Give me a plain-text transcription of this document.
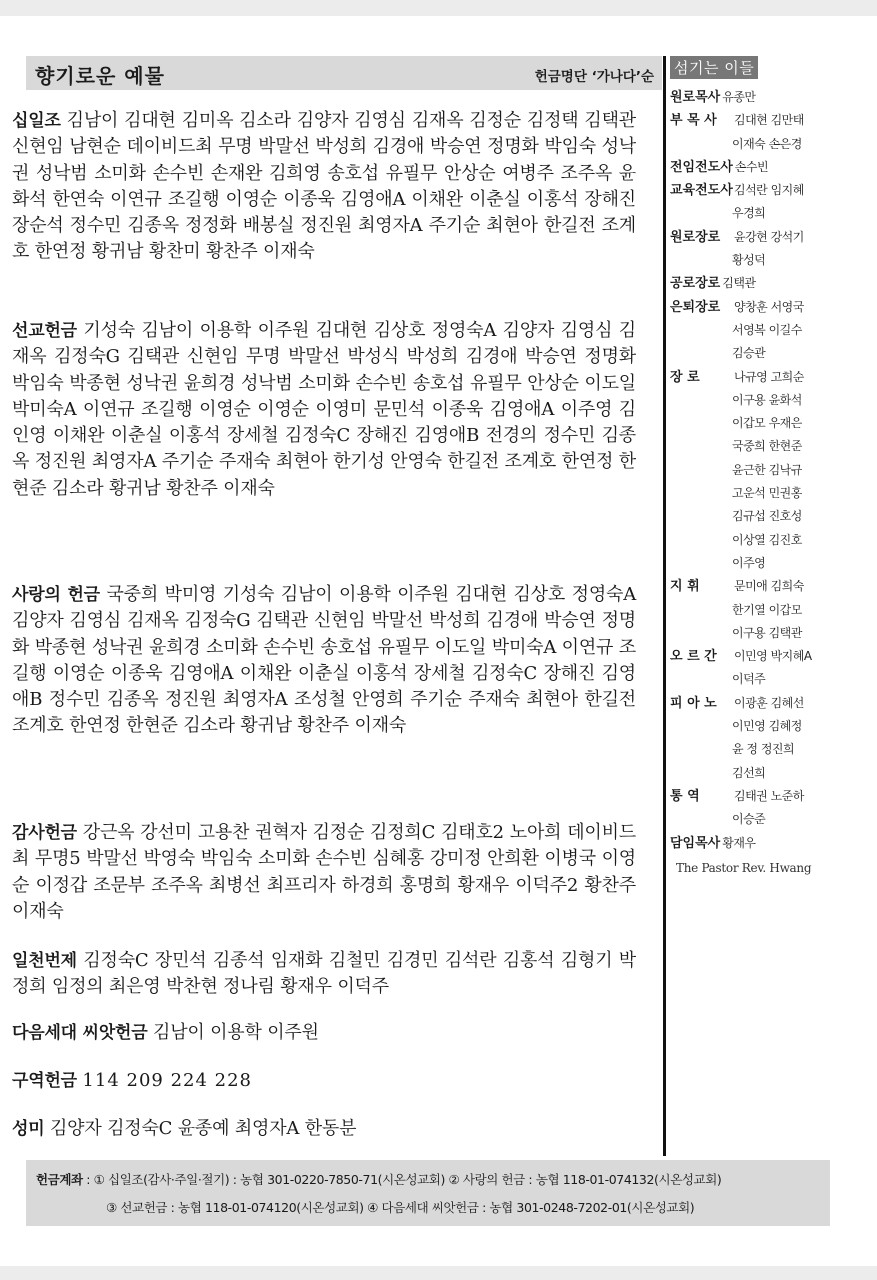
향기로운 예물	헌금명단 ‘가나다’순

십일조 김남이 김대현 김미옥 김소라 김양자 김영심 김재옥 김정순 김정택 김택관 신현임 남현순 데이비드최 무명 박말선 박성희 김경애 박승연 정명화 박임숙 성낙권 성낙범 소미화 손수빈 손재완 김희영 송호섭 유필무 안상순 여병주 조주옥 윤화석 한연숙 이연규 조길행 이영순 이종욱 김영애A 이채완 이춘실 이홍석 장해진 장순석 정수민 김종옥 정정화 배봉실 정진원 최영자A 주기순 최현아 한길전 조계호 한연정 황귀남 황찬미 황찬주 이재숙

선교헌금 기성숙 김남이 이용학 이주원 김대현 김상호 정영숙A 김양자 김영심 김재옥 김정숙G 김택관 신현임 무명 박말선 박성식 박성희 김경애 박승연 정명화 박임숙 박종현 성낙권 윤희경 성낙범 소미화 손수빈 송호섭 유필무 안상순 이도일 박미숙A 이연규 조길행 이영순 이영순 이영미 문민석 이종욱 김영애A 이주영 김인영 이채완 이춘실 이홍석 장세철 김정숙C 장해진 김영애B 전경의 정수민 김종옥 정진원 최영자A 주기순 주재숙 최현아 한기성 안영숙 한길전 조계호 한연정 한현준 김소라 황귀남 황찬주 이재숙

사랑의 헌금 국중희 박미영 기성숙 김남이 이용학 이주원 김대현 김상호 정영숙A 김양자 김영심 김재옥 김정숙G 김택관 신현임 박말선 박성희 김경애 박승연 정명화 박종현 성낙권 윤희경 소미화 손수빈 송호섭 유필무 이도일 박미숙A 이연규 조길행 이영순 이종욱 김영애A 이채완 이춘실 이홍석 장세철 김정숙C 장해진 김영애B 정수민 김종옥 정진원 최영자A 조성철 안영희 주기순 주재숙 최현아 한길전 조계호 한연정 한현준 김소라 황귀남 황찬주 이재숙

감사헌금 강근옥 강선미 고용찬 권혁자 김정순 김정희C 김태호2 노아희 데이비드최 무명5 박말선 박영숙 박임숙 소미화 손수빈 심혜홍 강미정 안희환 이병국 이영순 이정갑 조문부 조주옥 최병선 최프리자 하경희 홍명희 황재우 이덕주2 황찬주 이재숙

일천번제 김정숙C 장민석 김종석 임재화 김철민 김경민 김석란 김홍석 김형기 박정희 임정의 최은영 박찬현 정나림 황재우 이덕주

다음세대 씨앗헌금 김남이 이용학 이주원

구역헌금 114 209 224 228

성미 김양자 김정숙C 윤종예 최영자A 한동분

섬기는 이들
원로목사 유종만
부 목 사	김대현 김만태
이재숙 손은경
전임전도사 손수빈
교육전도사 김석란 임지혜
우경희
원로장로	윤강현 강석기
황성덕
공로장로 김택관
은퇴장로	양창훈 서영국
서영복 이길수
김승관
장 로	나규영 고희순
이구용 윤화석
이갑모 우재은
국중희 한현준
윤근한 김낙규
고운석 민권홍
김규섭 진호성
이상열 김진호
이주영
지 휘	문미애 김희숙
한기열 이갑모
이구용 김택관
오 르 간	이민영 박지혜A
이덕주
피 아 노	이광훈 김혜선
이민영 김혜정
윤 정 정진희
김선희
통 역	김태권 노준하
이승준
담임목사 황재우
The Pastor Rev. Hwang
헌금계좌 : ① 십일조(감사·주일·절기) : 농협 301-0220-7850-71(시온성교회) ② 사랑의 헌금 : 농협 118-01-074132(시온성교회)
③ 선교헌금 : 농협 118-01-074120(시온성교회) ④ 다음세대 씨앗헌금 : 농협 301-0248-7202-01(시온성교회)
